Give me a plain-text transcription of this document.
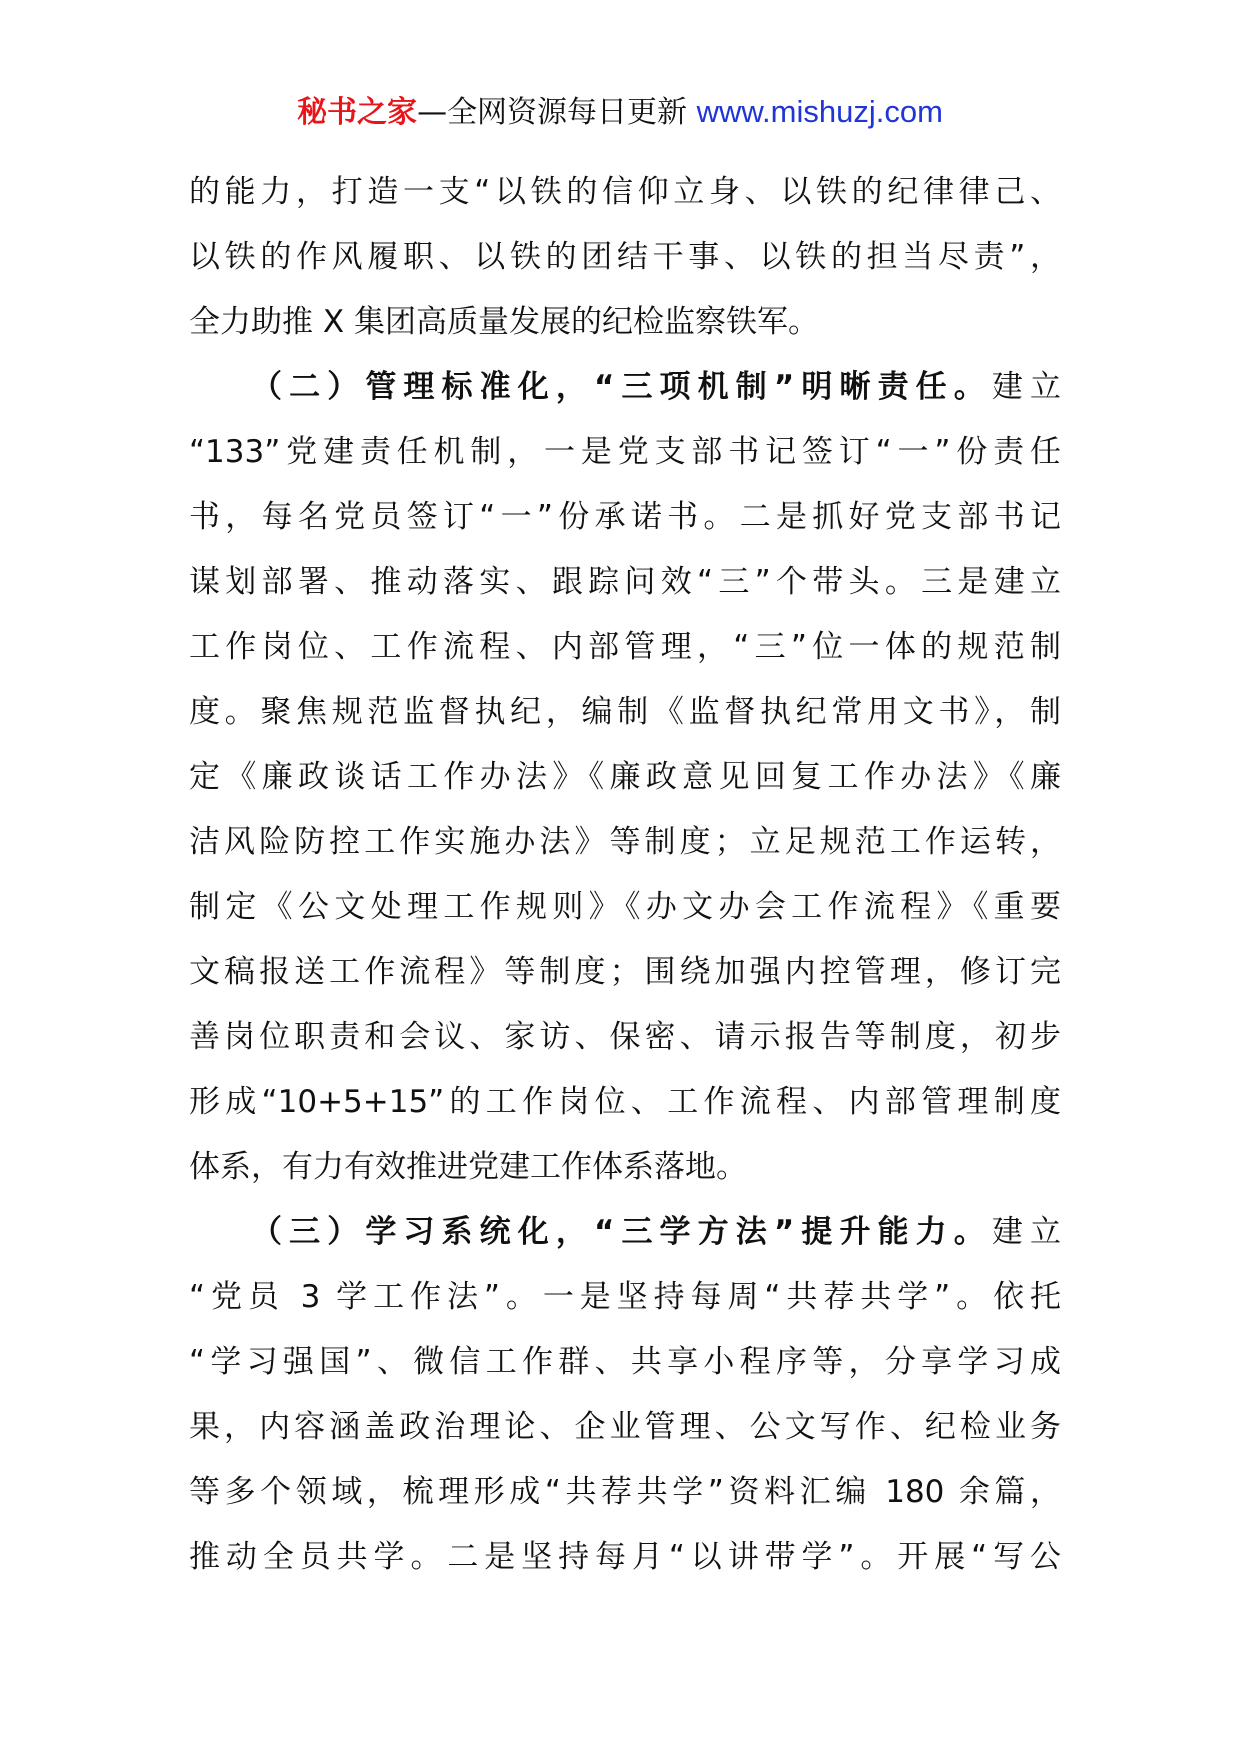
秘书之家—全网资源每日更新 www.mishuzj.com
的能力，打造一支“以铁的信仰立身、以铁的纪律律己、
以铁的作风履职、以铁的团结干事、以铁的担当尽责”，
全力助推 X 集团高质量发展的纪检监察铁军。
（二）管理标准化，“三项机制”明晰责任。建立
“133”党建责任机制，一是党支部书记签订“一”份责任
书，每名党员签订“一”份承诺书。二是抓好党支部书记
谋划部署、推动落实、跟踪问效“三”个带头。三是建立
工作岗位、工作流程、内部管理，“三”位一体的规范制
度。聚焦规范监督执纪，编制《监督执纪常用文书》，制
定《廉政谈话工作办法》《廉政意见回复工作办法》《廉
洁风险防控工作实施办法》等制度；立足规范工作运转，
制定《公文处理工作规则》《办文办会工作流程》《重要
文稿报送工作流程》等制度；围绕加强内控管理，修订完
善岗位职责和会议、家访、保密、请示报告等制度，初步
形成“10+5+15”的工作岗位、工作流程、内部管理制度
体系，有力有效推进党建工作体系落地。
（三）学习系统化，“三学方法”提升能力。建立
“党员 3 学工作法”。一是坚持每周“共荐共学”。依托
“学习强国”、微信工作群、共享小程序等，分享学习成
果，内容涵盖政治理论、企业管理、公文写作、纪检业务
等多个领域，梳理形成“共荐共学”资料汇编 180 余篇，
推动全员共学。二是坚持每月“以讲带学”。开展“写公
